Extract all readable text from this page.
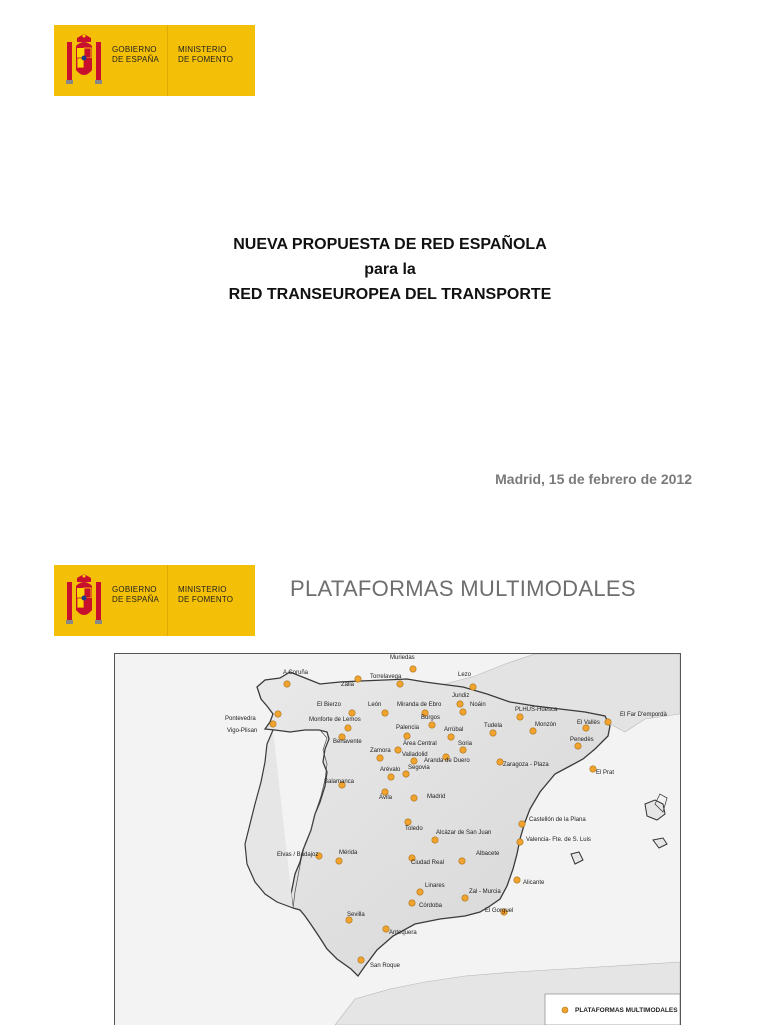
GOBIERNO
DE ESPAÑA
MINISTERIO
DE FOMENTO
NUEVA PROPUESTA DE RED ESPAÑOLA
para la
RED TRANSEUROPEA DEL TRANSPORTE
Madrid, 15 de febrero de 2012
GOBIERNO
DE ESPAÑA
MINISTERIO
DE FOMENTO	PLATAFORMAS MULTIMODALES
A Coruña
Zalia
Muriedas
Torrelavega	Lezo
Jundiz
Noáin
Pontevedra
Vigo-Plisan
El Bierzo	León	Miranda de Ebro
Monforte de Lemos	Burgos
PLHUS-Huesca
El Far D'empordà
Benavente
Palencia	Arrúbal
Tudela	Monzón	El Vallès
Área Central	Soria
Penedès
Zamora
Valladolid
Aranda de Duero
Zaragoza - Plaza
El Prat
Arévalo Segovia
Salamanca
Ávila	Madrid
Castellón de la Plana
Toledo
Alcázar de San Juan
Valencia- Fte. de S. Luis
Elvas / Badajoz	Mérida	Albacete
Ciudad Real
Linares
Zal - Murcia
Alicante
Córdoba
El Gorguel
Sevilla
Antequera
San Roque
PLATAFORMAS MULTIMODALES
